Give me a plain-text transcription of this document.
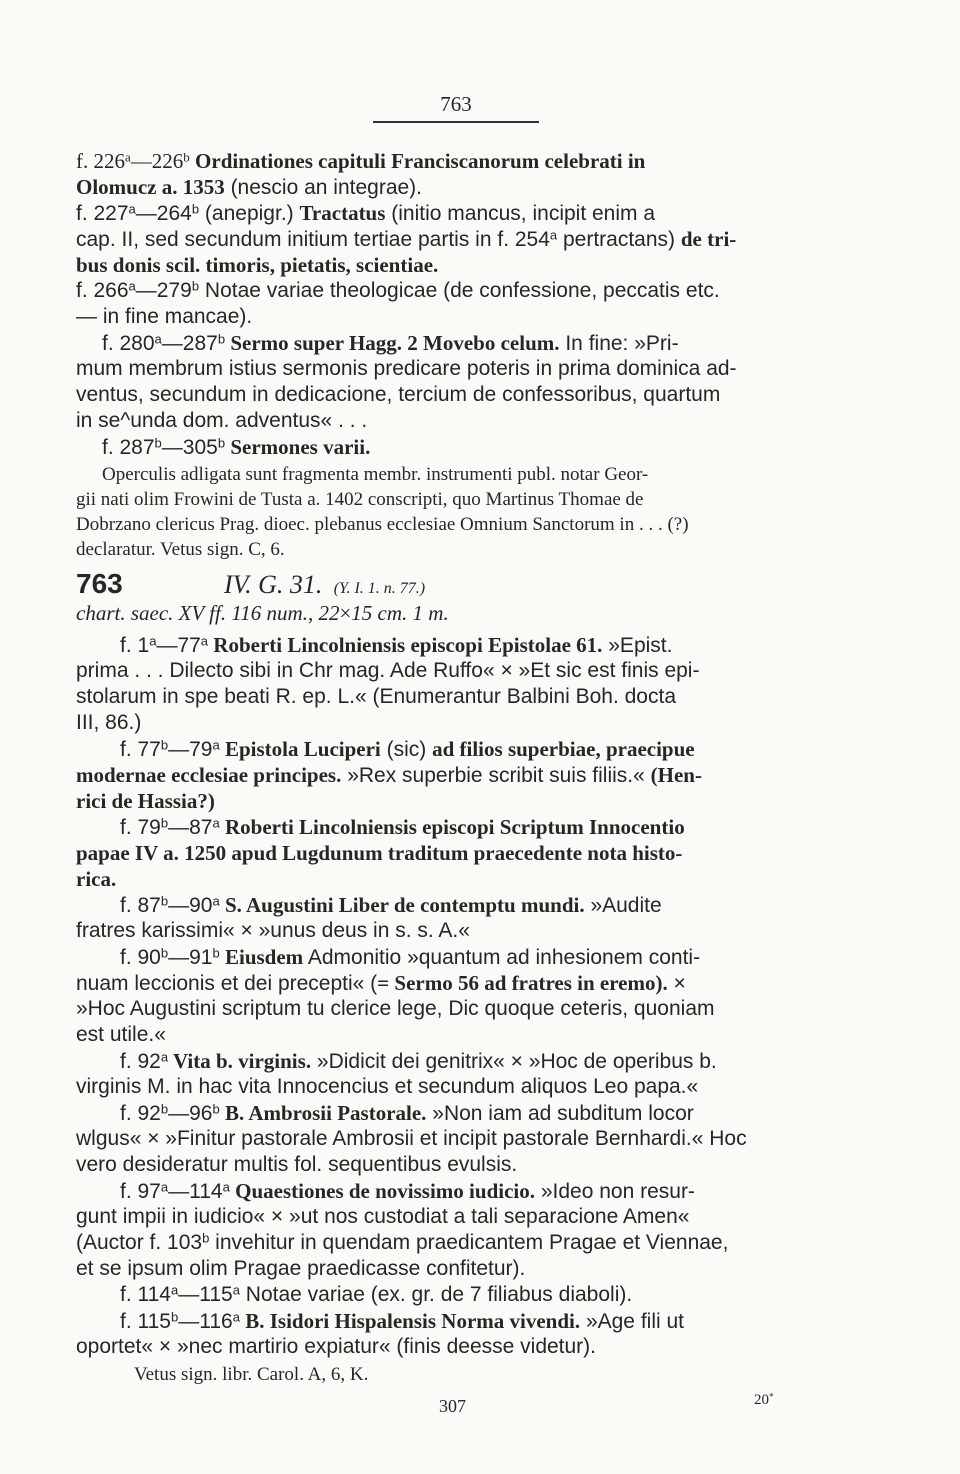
763
f. 226$^a$—226$^b$ Ordinationes capituli Franciscanorum celebrati in
Olomucz a. 1353 (nescio an integrae).
f. 227$^a$—264$^b$ (anepigr.) Tractatus (initio mancus, incipit enim a
cap. II, sed secundum initium tertiae partis in f. 254$^a$ pertractans) de tri-
bus donis scil. timoris, pietatis, scientiae.
f. 266$^a$—279$^b$ Notae variae theologicae (de confessione, peccatis etc.
— in fine mancae).
f. 280$^a$—287$^b$ Sermo super Hagg. 2 Movebo celum. In fine: »Pri-
mum membrum istius sermonis predicare poteris in prima dominica ad-
ventus, secundum in dedicacione, tercium de confessoribus, quartum
in se^unda dom. adventus« . . .
f. 287$^b$—305$^b$ Sermones varii.
Operculis adligata sunt fragmenta membr. instrumenti publ. notar Geor-
gii nati olim Frowini de Tusta a. 1402 conscripti, quo Martinus Thomae de
Dobrzano clericus Prag. dioec. plebanus ecclesiae Omnium Sanctorum in . . . (?)
declaratur. Vetus sign. C, 6.
763	IV. G. 31. (Y. I. 1. n. 77.)
chart. saec. XV ff. 116 num., 22×15 cm. 1 m.
f. 1$^a$—77$^a$ Roberti Lincolniensis episcopi Epistolae 61. »Epist.
prima . . . Dilecto sibi in Chr mag. Ade Ruffo« × »Et sic est finis epi-
stolarum in spe beati R. ep. L.« (Enumerantur Balbini Boh. docta
III, 86.)
f. 77$^b$—79$^a$ Epistola Luciperi (sic) ad filios superbiae, praecipue
modernae ecclesiae principes. »Rex superbie scribit suis filiis.« (Hen-
rici de Hassia?)
f. 79$^b$—87$^a$ Roberti Lincolniensis episcopi Scriptum Innocentio
papae IV a. 1250 apud Lugdunum traditum praecedente nota histo-
rica.
f. 87$^b$—90$^a$ S. Augustini Liber de contemptu mundi. »Audite
fratres karissimi« × »unus deus in s. s. A.«
f. 90$^b$—91$^b$ Eiusdem Admonitio »quantum ad inhesionem conti-
nuam leccionis et dei precepti« (= Sermo 56 ad fratres in eremo). ×
»Hoc Augustini scriptum tu clerice lege, Dic quoque ceteris, quoniam
est utile.«
f. 92$^a$ Vita b. virginis. »Didicit dei genitrix« × »Hoc de operibus b.
virginis M. in hac vita Innocencius et secundum aliquos Leo papa.«
f. 92$^b$—96$^b$ B. Ambrosii Pastorale. »Non iam ad subditum locor
wlgus« × »Finitur pastorale Ambrosii et incipit pastorale Bernhardi.« Hoc
vero desideratur multis fol. sequentibus evulsis.
f. 97$^a$—114$^a$ Quaestiones de novissimo iudicio. »Ideo non resur-
gunt impii in iudicio« × »ut nos custodiat a tali separacione Amen«
(Auctor f. 103$^b$ invehitur in quendam praedicantem Pragae et Viennae,
et se ipsum olim Pragae praedicasse confitetur).
f. 114$^a$—115$^a$ Notae variae (ex. gr. de 7 filiabus diaboli).
f. 115$^b$—116$^a$ B. Isidori Hispalensis Norma vivendi. »Age fili ut
oportet« × »nec martirio expiatur« (finis deesse videtur).
Vetus sign. libr. Carol. A, 6, K.
307	20*
